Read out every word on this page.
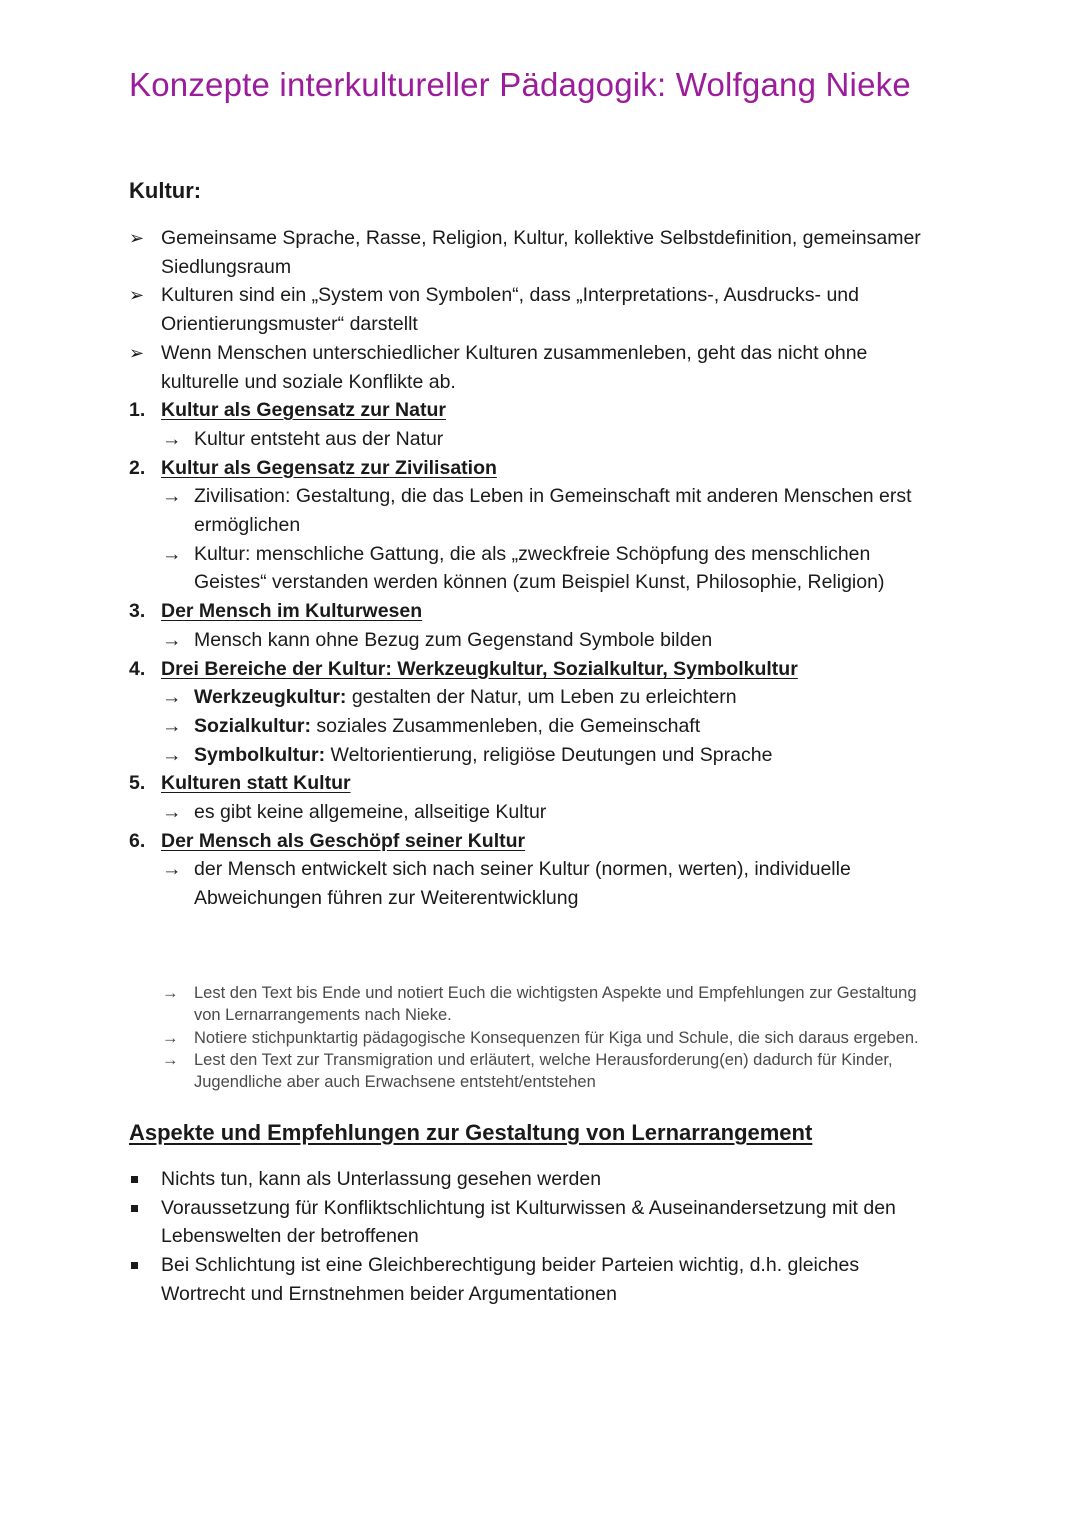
Konzepte interkultureller Pädagogik: Wolfgang Nieke
Kultur:
➢ Gemeinsame Sprache, Rasse, Religion, Kultur, kollektive Selbstdefinition, gemeinsamer
Siedlungsraum
➢ Kulturen sind ein „System von Symbolen“, dass „Interpretations-, Ausdrucks- und
Orientierungsmuster“ darstellt
➢ Wenn Menschen unterschiedlicher Kulturen zusammenleben, geht das nicht ohne
kulturelle und soziale Konflikte ab.
1. Kultur als Gegensatz zur Natur
→ Kultur entsteht aus der Natur
2. Kultur als Gegensatz zur Zivilisation
→ Zivilisation: Gestaltung, die das Leben in Gemeinschaft mit anderen Menschen erst
ermöglichen
→ Kultur: menschliche Gattung, die als „zweckfreie Schöpfung des menschlichen
Geistes“ verstanden werden können (zum Beispiel Kunst, Philosophie, Religion)
3. Der Mensch im Kulturwesen
→ Mensch kann ohne Bezug zum Gegenstand Symbole bilden
4. Drei Bereiche der Kultur: Werkzeugkultur, Sozialkultur, Symbolkultur
→ Werkzeugkultur: gestalten der Natur, um Leben zu erleichtern
→ Sozialkultur: soziales Zusammenleben, die Gemeinschaft
→ Symbolkultur: Weltorientierung, religiöse Deutungen und Sprache
5. Kulturen statt Kultur
→ es gibt keine allgemeine, allseitige Kultur
6. Der Mensch als Geschöpf seiner Kultur
→ der Mensch entwickelt sich nach seiner Kultur (normen, werten), individuelle
Abweichungen führen zur Weiterentwicklung
→ Lest den Text bis Ende und notiert Euch die wichtigsten Aspekte und Empfehlungen zur Gestaltung
von Lernarrangements nach Nieke.
→ Notiere stichpunktartig pädagogische Konsequenzen für Kiga und Schule, die sich daraus ergeben.
→ Lest den Text zur Transmigration und erläutert, welche Herausforderung(en) dadurch für Kinder,
Jugendliche aber auch Erwachsene entsteht/entstehen
Aspekte und Empfehlungen zur Gestaltung von Lernarrangement
Nichts tun, kann als Unterlassung gesehen werden
Voraussetzung für Konfliktschlichtung ist Kulturwissen & Auseinandersetzung mit den
Lebenswelten der betroffenen
Bei Schlichtung ist eine Gleichberechtigung beider Parteien wichtig, d.h. gleiches
Wortrecht und Ernstnehmen beider Argumentationen
